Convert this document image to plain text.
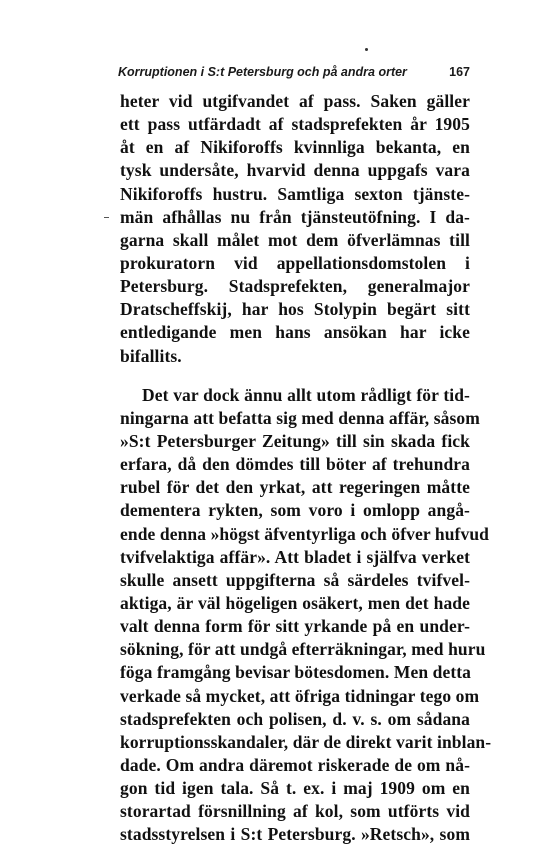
Korruptionen i S:t Petersburg och på andra orter	167

heter vid utgifvandet af pass. Saken gäller
ett pass utfärdadt af stadsprefekten år 1905
åt en af Nikiforoffs kvinnliga bekanta, en
tysk undersåte, hvarvid denna uppgafs vara
Nikiforoffs hustru. Samtliga sexton tjänste-
män afhållas nu från tjänsteutöfning. I da-
garna skall målet mot dem öfverlämnas till
prokuratorn vid appellationsdomstolen i
Petersburg. Stadsprefekten, generalmajor
Dratscheffskij, har hos Stolypin begärt sitt
entledigande men hans ansökan har icke
bifallits.

Det var dock ännu allt utom rådligt för tid-
ningarna att befatta sig med denna affär, såsom
»S:t Petersburger Zeitung» till sin skada fick
erfara, då den dömdes till böter af trehundra
rubel för det den yrkat, att regeringen måtte
dementera rykten, som voro i omlopp angå-
ende denna »högst äfventyrliga och öfver hufvud
tvifvelaktiga affär». Att bladet i själfva verket
skulle ansett uppgifterna så särdeles tvifvel-
aktiga, är väl högeligen osäkert, men det hade
valt denna form för sitt yrkande på en under-
sökning, för att undgå efterräkningar, med huru
föga framgång bevisar bötesdomen. Men detta
verkade så mycket, att öfriga tidningar tego om
stadsprefekten och polisen, d. v. s. om sådana
korruptionsskandaler, där de direkt varit inblan-
dade. Om andra däremot riskerade de om nå-
gon tid igen tala. Så t. ex. i maj 1909 om en
storartad försnillning af kol, som utförts vid
stadsstyrelsen i S:t Petersburg. »Retsch», som
